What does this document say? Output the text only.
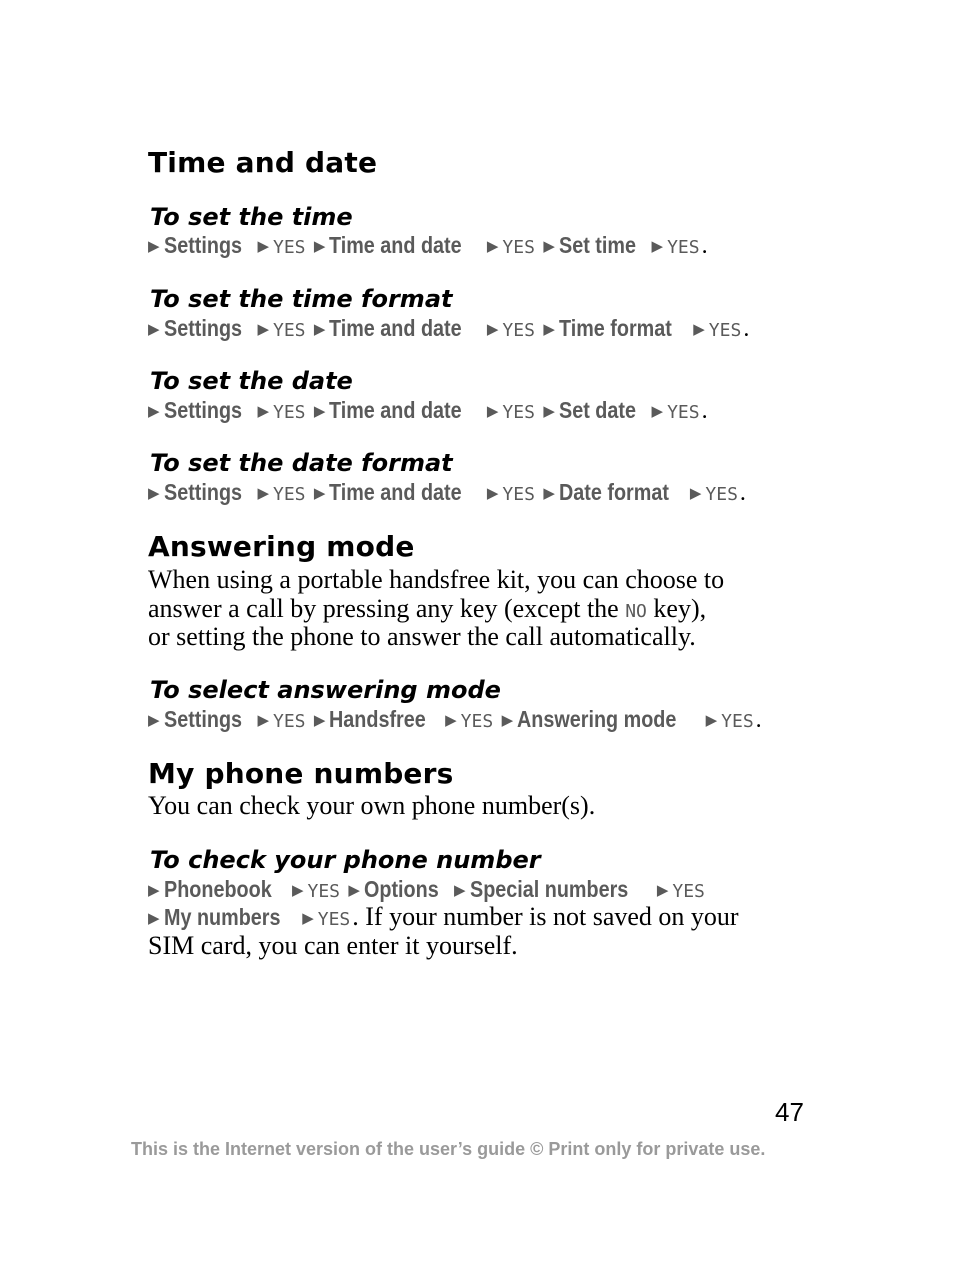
Time and date
To set the time
▶ Settings ▶ YES ▶ Time and date ▶ YES ▶ Set time ▶ YES.
To set the time format
▶ Settings ▶ YES ▶ Time and date ▶ YES ▶ Time format ▶ YES.
To set the date
▶ Settings ▶ YES ▶ Time and date ▶ YES ▶ Set date ▶ YES.
To set the date format
▶ Settings ▶ YES ▶ Time and date ▶ YES ▶ Date format ▶ YES.
Answering mode
When using a portable handsfree kit, you can choose to
answer a call by pressing any key (except the NO key),
or setting the phone to answer the call automatically.
To select answering mode
▶ Settings ▶ YES ▶ Handsfree ▶ YES ▶ Answering mode ▶ YES.
My phone numbers
You can check your own phone number(s).
To check your phone number
▶ Phonebook ▶ YES ▶ Options ▶ Special numbers ▶ YES
▶ My numbers ▶ YES. If your number is not saved on your
SIM card, you can enter it yourself.
47
This is the Internet version of the user’s guide © Print only for private use.
